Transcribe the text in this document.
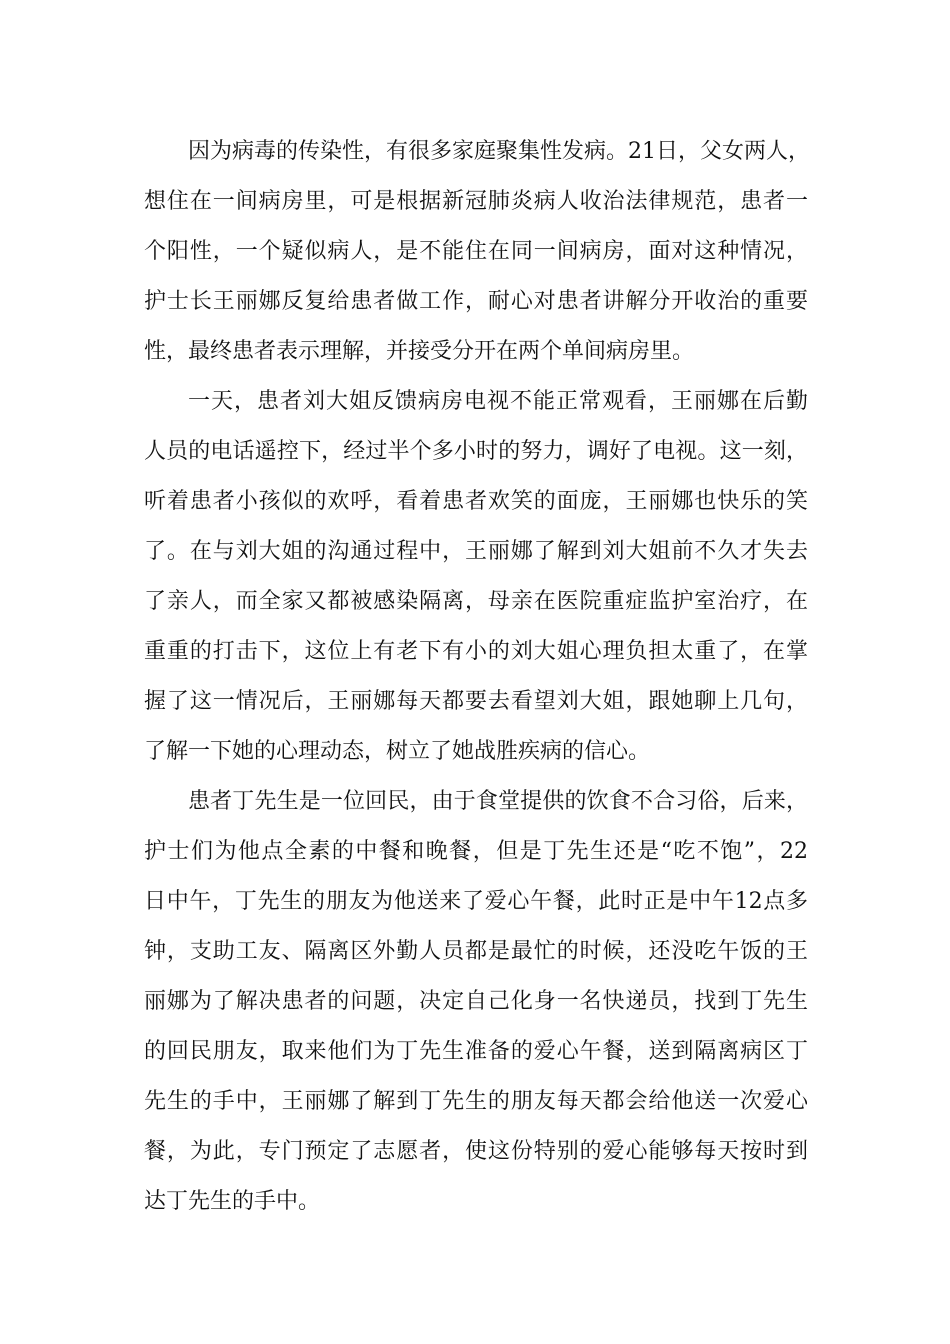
因为病毒的传染性，有很多家庭聚集性发病。21日，父女两人，

想住在一间病房里，可是根据新冠肺炎病人收治法律规范，患者一

个阳性，一个疑似病人，是不能住在同一间病房，面对这种情况，

护士长王丽娜反复给患者做工作，耐心对患者讲解分开收治的重要

性，最终患者表示理解，并接受分开在两个单间病房里。

一天，患者刘大姐反馈病房电视不能正常观看，王丽娜在后勤

人员的电话遥控下，经过半个多小时的努力，调好了电视。这一刻，

听着患者小孩似的欢呼，看着患者欢笑的面庞，王丽娜也快乐的笑

了。在与刘大姐的沟通过程中，王丽娜了解到刘大姐前不久才失去

了亲人，而全家又都被感染隔离，母亲在医院重症监护室治疗，在

重重的打击下，这位上有老下有小的刘大姐心理负担太重了，在掌

握了这一情况后，王丽娜每天都要去看望刘大姐，跟她聊上几句，

了解一下她的心理动态，树立了她战胜疾病的信心。

患者丁先生是一位回民，由于食堂提供的饮食不合习俗，后来，

护士们为他点全素的中餐和晚餐，但是丁先生还是“吃不饱”，22

日中午，丁先生的朋友为他送来了爱心午餐，此时正是中午12点多

钟，支助工友、隔离区外勤人员都是最忙的时候，还没吃午饭的王

丽娜为了解决患者的问题，决定自己化身一名快递员，找到丁先生

的回民朋友，取来他们为丁先生准备的爱心午餐，送到隔离病区丁

先生的手中，王丽娜了解到丁先生的朋友每天都会给他送一次爱心

餐，为此，专门预定了志愿者，使这份特别的爱心能够每天按时到

达丁先生的手中。
